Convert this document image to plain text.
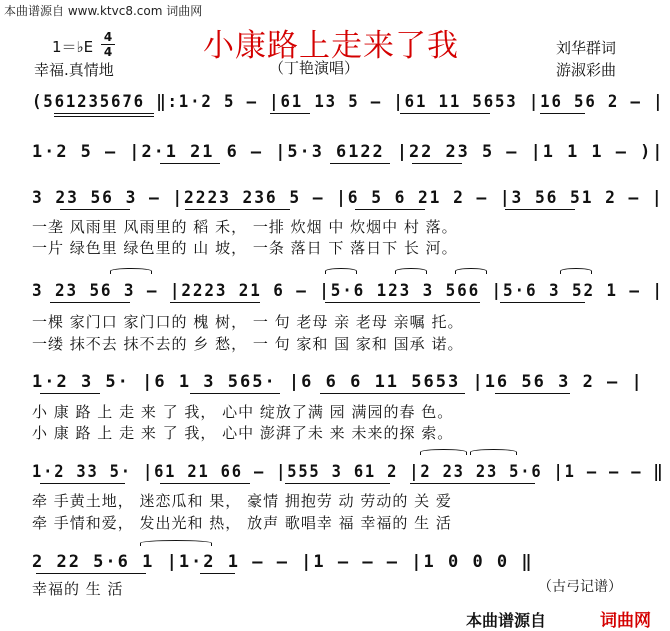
本曲谱源自 www.ktvc8.com 词曲网
1＝♭E
4
4	小康路上走来了我	刘华群词
幸福.真情地	（丁艳演唱）	游淑彩曲
(561235676 ‖:1·2 5 — |61 13 5 — |61 11 5653 |16 56 2 — |
1·2 5 — |2·1 21 6 — |5·3 6122 |22 23 5 — |1 1 1 — )|
3 23 56 3 — |2223 236 5 — |6 5 6 21 2 — |3 56 51 2 — |
一垄 风雨里 风雨里的 稻 禾， 一排 炊烟 中 炊烟中 村 落。
一片 绿色里 绿色里的 山 坡， 一条 落日 下 落日下 长 河。
3 23 56 3 — |2223 21 6 — |5·6 123 3 566 |5·6 3 52 1 — |
一棵 家门口 家门口的 槐 树， 一 句 老母 亲 老母 亲嘱 托。
一缕 抹不去 抹不去的 乡 愁， 一 句 家和 国 家和 国承 诺。
1·2 3 5· |6 1 3 565· |6 6 6 11 5653 |16 56 3 2 — |
小 康 路 上 走 来 了 我， 心中 绽放了满 园 满园的春 色。
小 康 路 上 走 来 了 我， 心中 澎湃了未 来 未来的探 索。
1·2 33 5· |61 21 66 — |555 3 61 2 |2 23 23 5·6 |1 — — — ‖
牵 手黄土地， 迷恋瓜和 果， 豪情 拥抱劳 动 劳动的 关 爱
牵 手情和爱， 发出光和 热， 放声 歌唱幸 福 幸福的 生 活
2 22 5·6 1 |1·2 1 — — |1 — — — |1 0 0 0 ‖
幸福的 生 活	（古弓记谱）
本曲谱源自	词曲网
